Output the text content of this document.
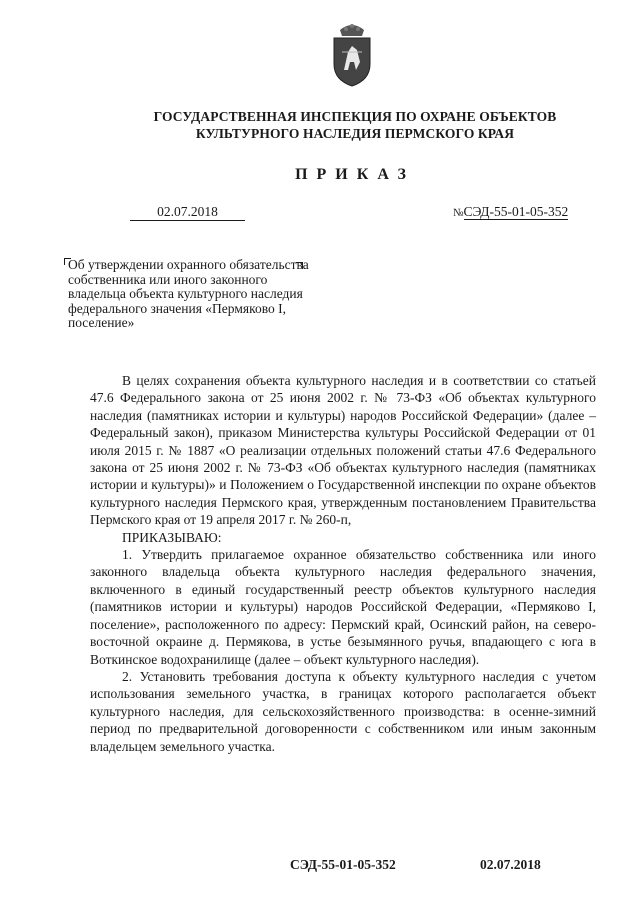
ГОСУДАРСТВЕННАЯ ИНСПЕКЦИЯ ПО ОХРАНЕ ОБЪЕКТОВ
КУЛЬТУРНОГО НАСЛЕДИЯ ПЕРМСКОГО КРАЯ
ПРИКАЗ
02.07.2018	№СЭД-55-01-05-352
Об утверждении охранного обязательства собственника или иного законного владельца объекта культурного наследия федерального значения «Пермяково I, поселение»

В целях сохранения объекта культурного наследия и в соответствии со статьей 47.6 Федерального закона от 25 июня 2002 г. № 73-ФЗ «Об объектах культурного наследия (памятниках истории и культуры) народов Российской Федерации» (далее – Федеральный закон), приказом Министерства культуры Российской Федерации от 01 июля 2015 г. № 1887 «О реализации отдельных положений статьи 47.6 Федерального закона от 25 июня 2002 г. № 73-ФЗ «Об объектах культурного наследия (памятниках истории и культуры)» и Положением о Государственной инспекции по охране объектов культурного наследия Пермского края, утвержденным постановлением Правительства Пермского края от 19 апреля 2017 г. № 260-п,

ПРИКАЗЫВАЮ:

1. Утвердить прилагаемое охранное обязательство собственника или иного законного владельца объекта культурного наследия федерального значения, включенного в единый государственный реестр объектов культурного наследия (памятников истории и культуры) народов Российской Федерации, «Пермяково I, поселение», расположенного по адресу: Пермский край, Осинский район, на северо-восточной окраине д. Пермякова, в устье безымянного ручья, впадающего с юга в Воткинское водохранилище (далее – объект культурного наследия).

2. Установить требования доступа к объекту культурного наследия с учетом использования земельного участка, в границах которого располагается объект культурного наследия, для сельскохозяйственного производства: в осенне-зимний период по предварительной договоренности с собственником или иным законным владельцем земельного участка.

СЭД-55-01-05-352	02.07.2018
